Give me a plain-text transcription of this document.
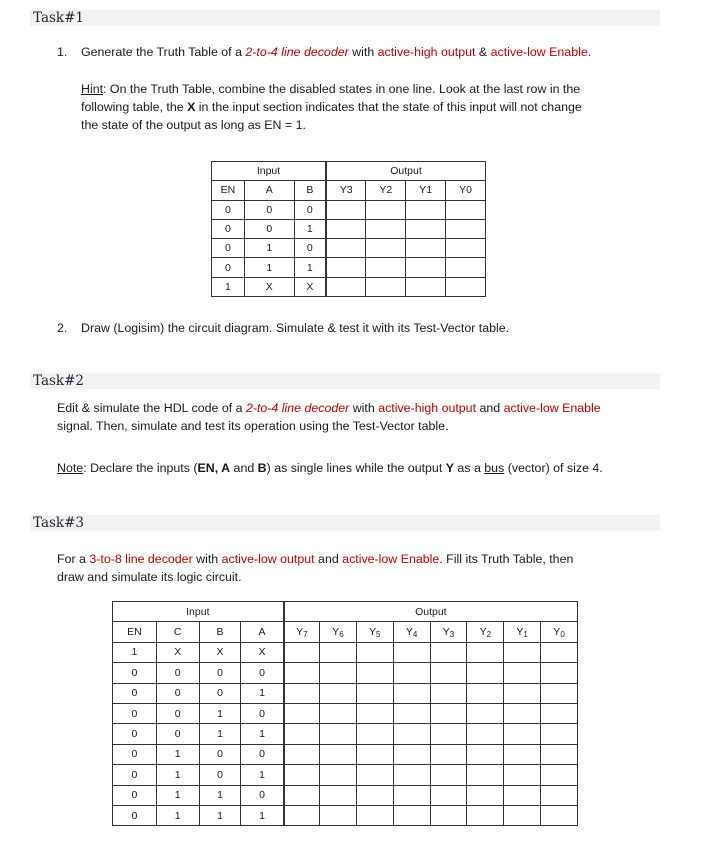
Task#1
1. Generate the Truth Table of a 2-to-4 line decoder with active-high output & active-low Enable.
Hint: On the Truth Table, combine the disabled states in one line. Look at the last row in the
following table, the X in the input section indicates that the state of this input will not change
the state of the output as long as EN = 1.
Input			Output			
EN	A	B	Y3	Y2	Y1	Y0
0	0	0				
0	0	1				
0	1	0				
0	1	1				
1	X	X				
2. Draw (Logisim) the circuit diagram. Simulate & test it with its Test-Vector table.
Task#2
Edit & simulate the HDL code of a 2-to-4 line decoder with active-high output and active-low Enable
signal. Then, simulate and test its operation using the Test-Vector table.
Note: Declare the inputs (EN, A and B) as single lines while the output Y as a bus (vector) of size 4.
Task#3
For a 3-to-8 line decoder with active-low output and active-low Enable. Fill its Truth Table, then
draw and simulate its logic circuit.
Input				Output							
EN	C	B	A	$Y_7$	$Y_6$	$Y_5$	$Y_4$	$Y_3$	$Y_2$	$Y_1$	$Y_0$
1	X	X	X								
0	0	0	0								
0	0	0	1								
0	0	1	0								
0	0	1	1								
0	1	0	0								
0	1	0	1								
0	1	1	0								
0	1	1	1								
